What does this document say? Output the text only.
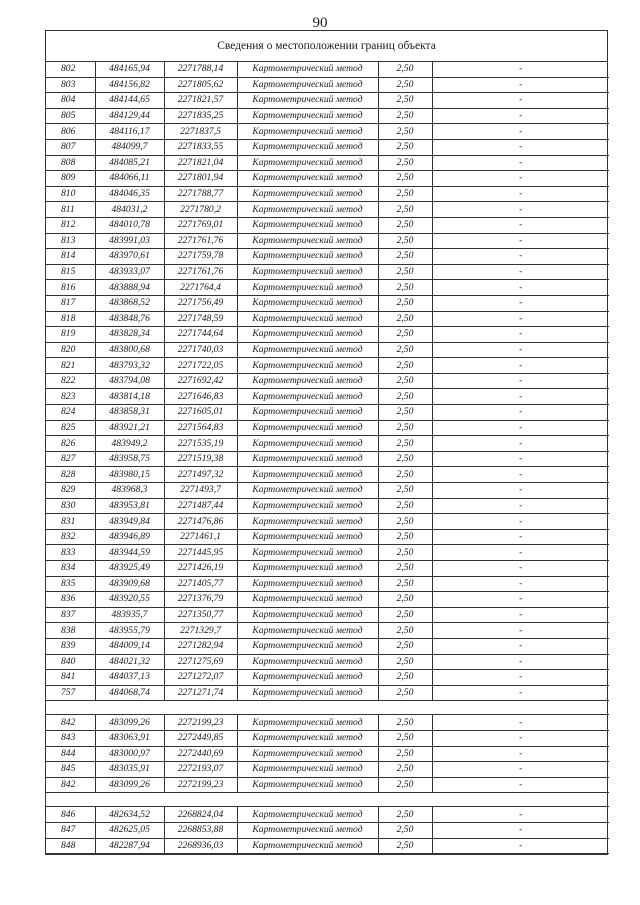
90
Сведения о местоположении границ объекта
802	484165,94	2271788,14	Картометрический метод	2,50	-
803	484156,82	2271805,62	Картометрический метод	2,50	-
804	484144,65	2271821,57	Картометрический метод	2,50	-
805	484129,44	2271835,25	Картометрический метод	2,50	-
806	484116,17	2271837,5	Картометрический метод	2,50	-
807	484099,7	2271833,55	Картометрический метод	2,50	-
808	484085,21	2271821,04	Картометрический метод	2,50	-
809	484066,11	2271801,94	Картометрический метод	2,50	-
810	484046,35	2271788,77	Картометрический метод	2,50	-
811	484031,2	2271780,2	Картометрический метод	2,50	-
812	484010,78	2271769,01	Картометрический метод	2,50	-
813	483991,03	2271761,76	Картометрический метод	2,50	-
814	483970,61	2271759,78	Картометрический метод	2,50	-
815	483933,07	2271761,76	Картометрический метод	2,50	-
816	483888,94	2271764,4	Картометрический метод	2,50	-
817	483868,52	2271756,49	Картометрический метод	2,50	-
818	483848,76	2271748,59	Картометрический метод	2,50	-
819	483828,34	2271744,64	Картометрический метод	2,50	-
820	483800,68	2271740,03	Картометрический метод	2,50	-
821	483793,32	2271722,05	Картометрический метод	2,50	-
822	483794,08	2271692,42	Картометрический метод	2,50	-
823	483814,18	2271646,83	Картометрический метод	2,50	-
824	483858,31	2271605,01	Картометрический метод	2,50	-
825	483921,21	2271564,83	Картометрический метод	2,50	-
826	483949,2	2271535,19	Картометрический метод	2,50	-
827	483958,75	2271519,38	Картометрический метод	2,50	-
828	483980,15	2271497,32	Картометрический метод	2,50	-
829	483968,3	2271493,7	Картометрический метод	2,50	-
830	483953,81	2271487,44	Картометрический метод	2,50	-
831	483949,84	2271476,86	Картометрический метод	2,50	-
832	483946,89	2271461,1	Картометрический метод	2,50	-
833	483944,59	2271445,95	Картометрический метод	2,50	-
834	483925,49	2271426,19	Картометрический метод	2,50	-
835	483909,68	2271405,77	Картометрический метод	2,50	-
836	483920,55	2271376,79	Картометрический метод	2,50	-
837	483935,7	2271350,77	Картометрический метод	2,50	-
838	483955,79	2271329,7	Картометрический метод	2,50	-
839	484009,14	2271282,94	Картометрический метод	2,50	-
840	484021,32	2271275,69	Картометрический метод	2,50	-
841	484037,13	2271272,07	Картометрический метод	2,50	-
757	484068,74	2271271,74	Картометрический метод	2,50	-

842	483099,26	2272199,23	Картометрический метод	2,50	-
843	483063,91	2272449,85	Картометрический метод	2,50	-
844	483000,97	2272440,69	Картометрический метод	2,50	-
845	483035,91	2272193,07	Картометрический метод	2,50	-
842	483099,26	2272199,23	Картометрический метод	2,50	-

846	482634,52	2268824,04	Картометрический метод	2,50	-
847	482625,05	2268853,88	Картометрический метод	2,50	-
848	482287,94	2268936,03	Картометрический метод	2,50	-
